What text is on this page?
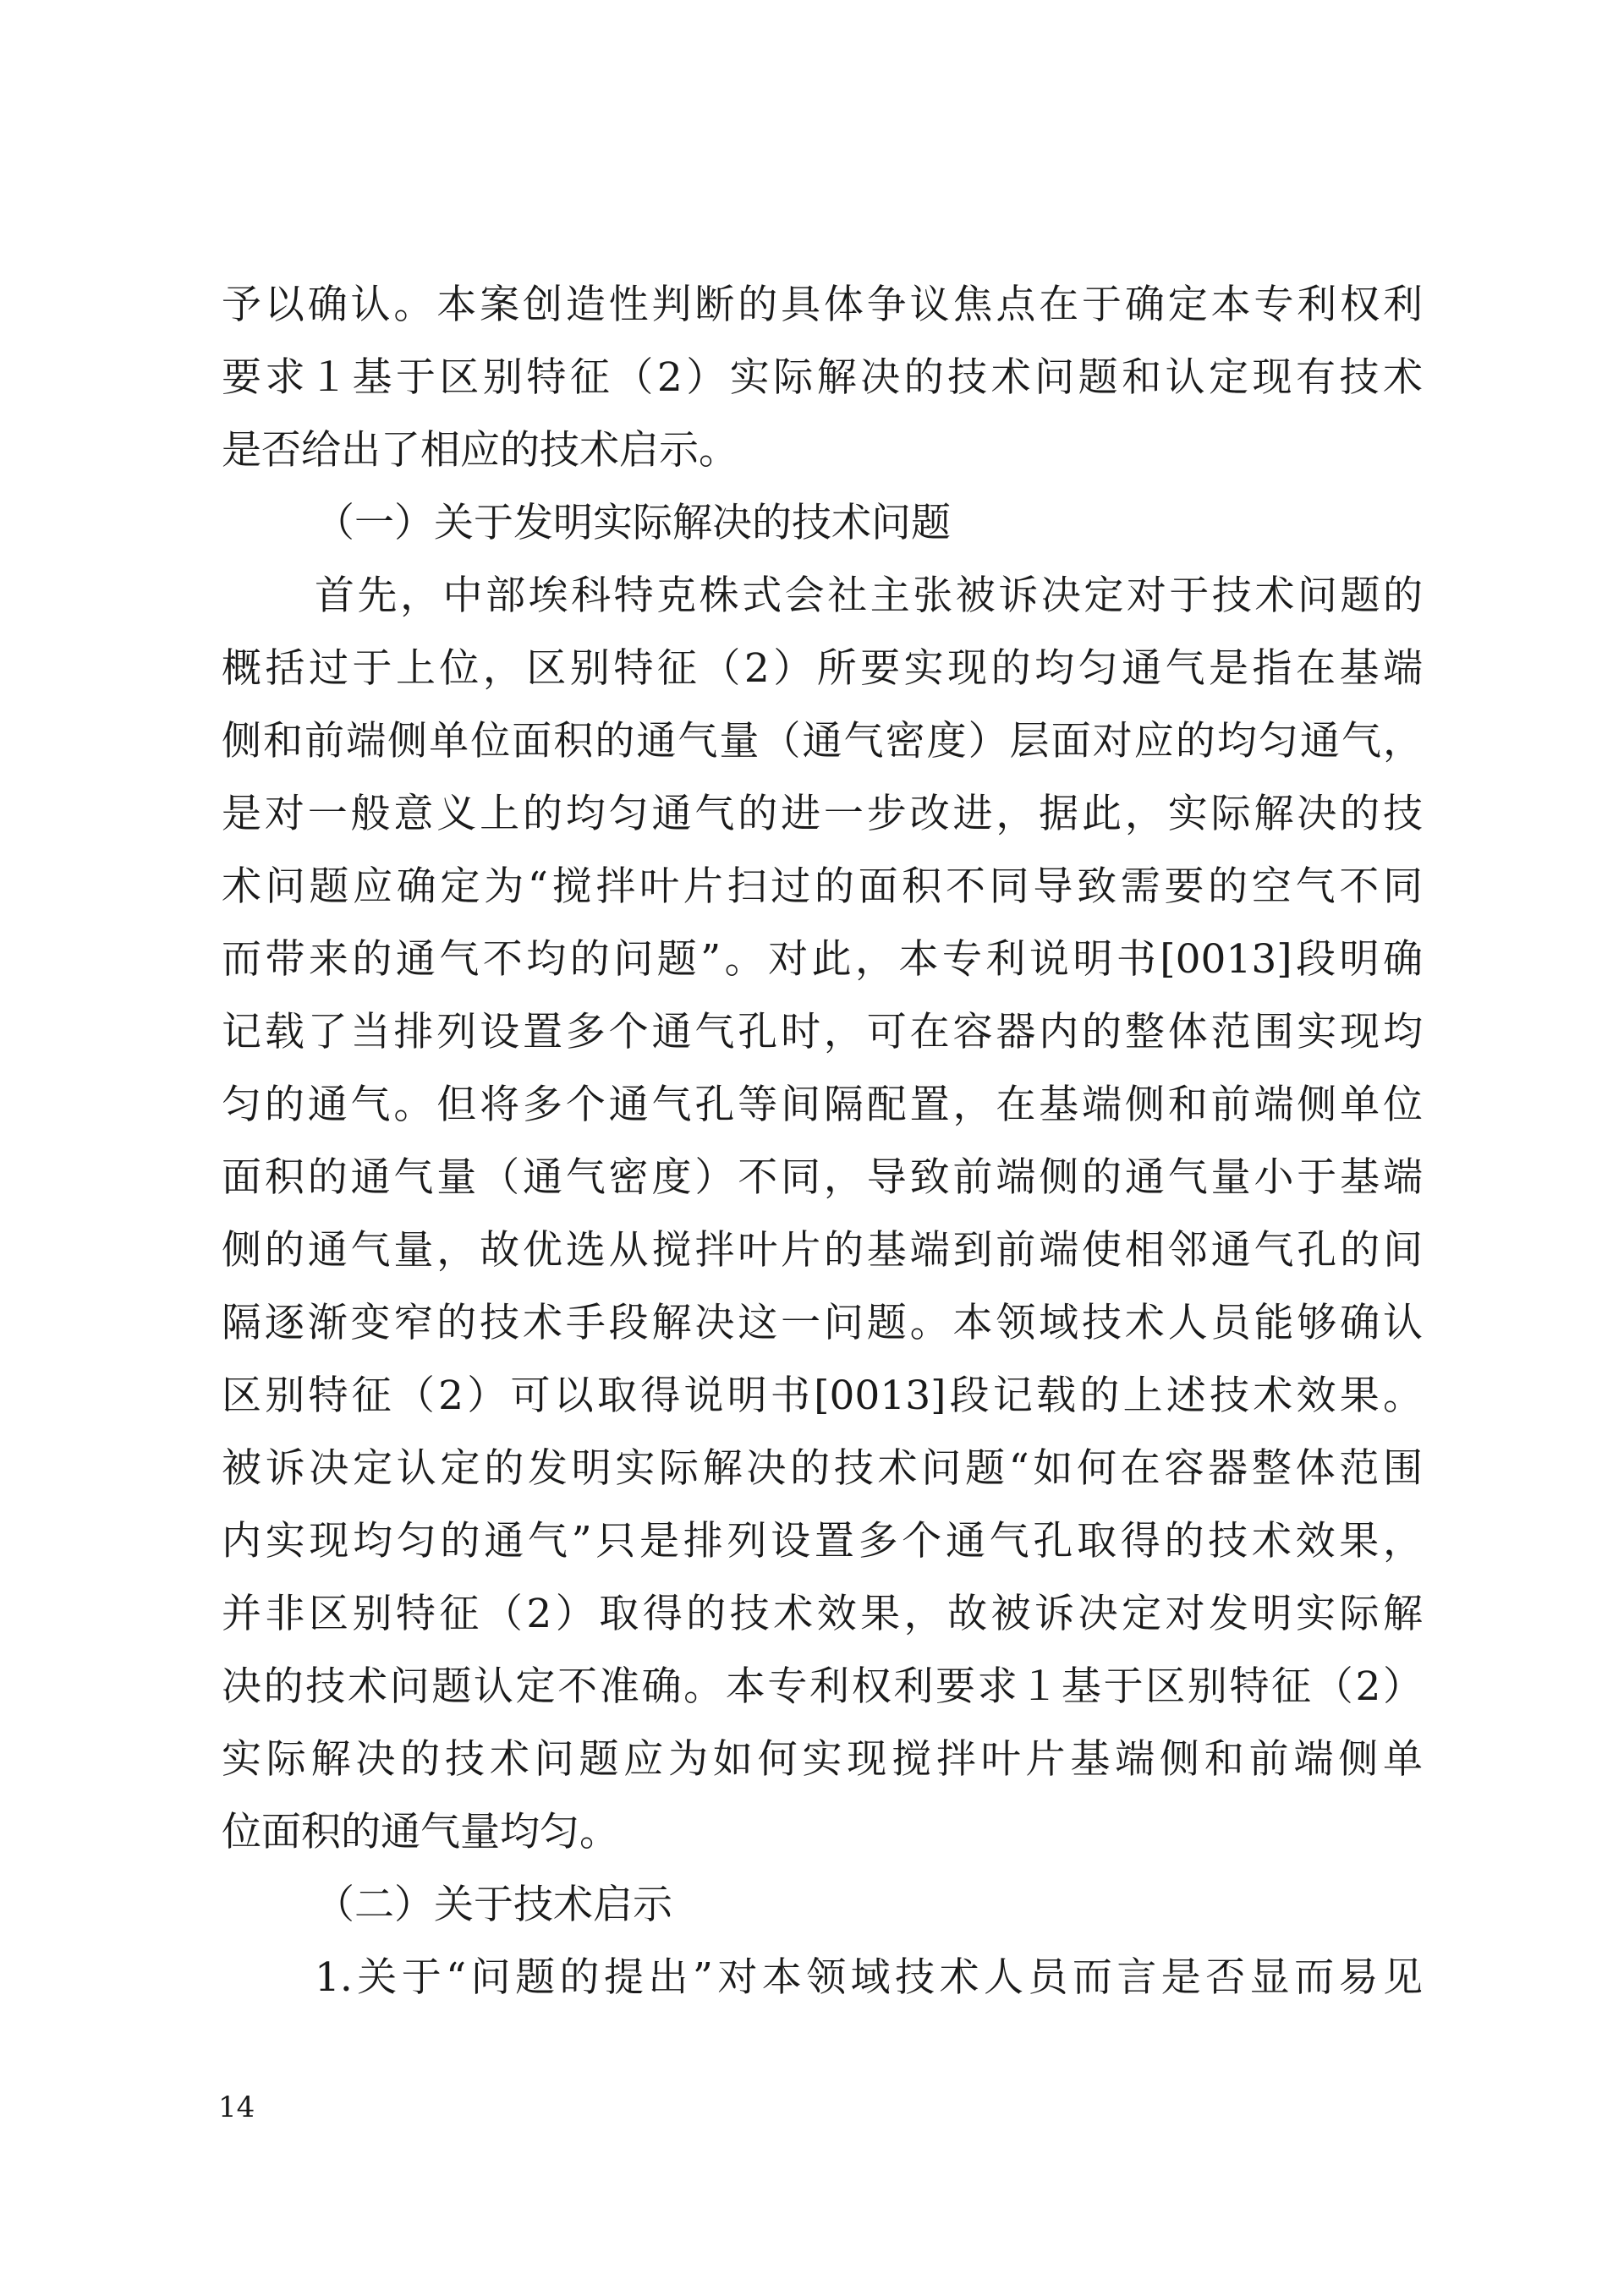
予以确认。本案创造性判断的具体争议焦点在于确定本专利权利
要求１基于区别特征（2）实际解决的技术问题和认定现有技术
是否给出了相应的技术启示。
（一）关于发明实际解决的技术问题
首先，中部埃科特克株式会社主张被诉决定对于技术问题的
概括过于上位，区别特征（2）所要实现的均匀通气是指在基端
侧和前端侧单位面积的通气量（通气密度）层面对应的均匀通气，
是对一般意义上的均匀通气的进一步改进，据此，实际解决的技
术问题应确定为“搅拌叶片扫过的面积不同导致需要的空气不同
而带来的通气不均的问题”。对此，本专利说明书[0013]段明确
记载了当排列设置多个通气孔时，可在容器内的整体范围实现均
匀的通气。但将多个通气孔等间隔配置，在基端侧和前端侧单位
面积的通气量（通气密度）不同，导致前端侧的通气量小于基端
侧的通气量，故优选从搅拌叶片的基端到前端使相邻通气孔的间
隔逐渐变窄的技术手段解决这一问题。本领域技术人员能够确认
区别特征（2）可以取得说明书[0013]段记载的上述技术效果。
被诉决定认定的发明实际解决的技术问题“如何在容器整体范围
内实现均匀的通气”只是排列设置多个通气孔取得的技术效果，
并非区别特征（2）取得的技术效果，故被诉决定对发明实际解
决的技术问题认定不准确。本专利权利要求１基于区别特征（2）
实际解决的技术问题应为如何实现搅拌叶片基端侧和前端侧单
位面积的通气量均匀。
（二）关于技术启示
1.关于“问题的提出”对本领域技术人员而言是否显而易见
14
